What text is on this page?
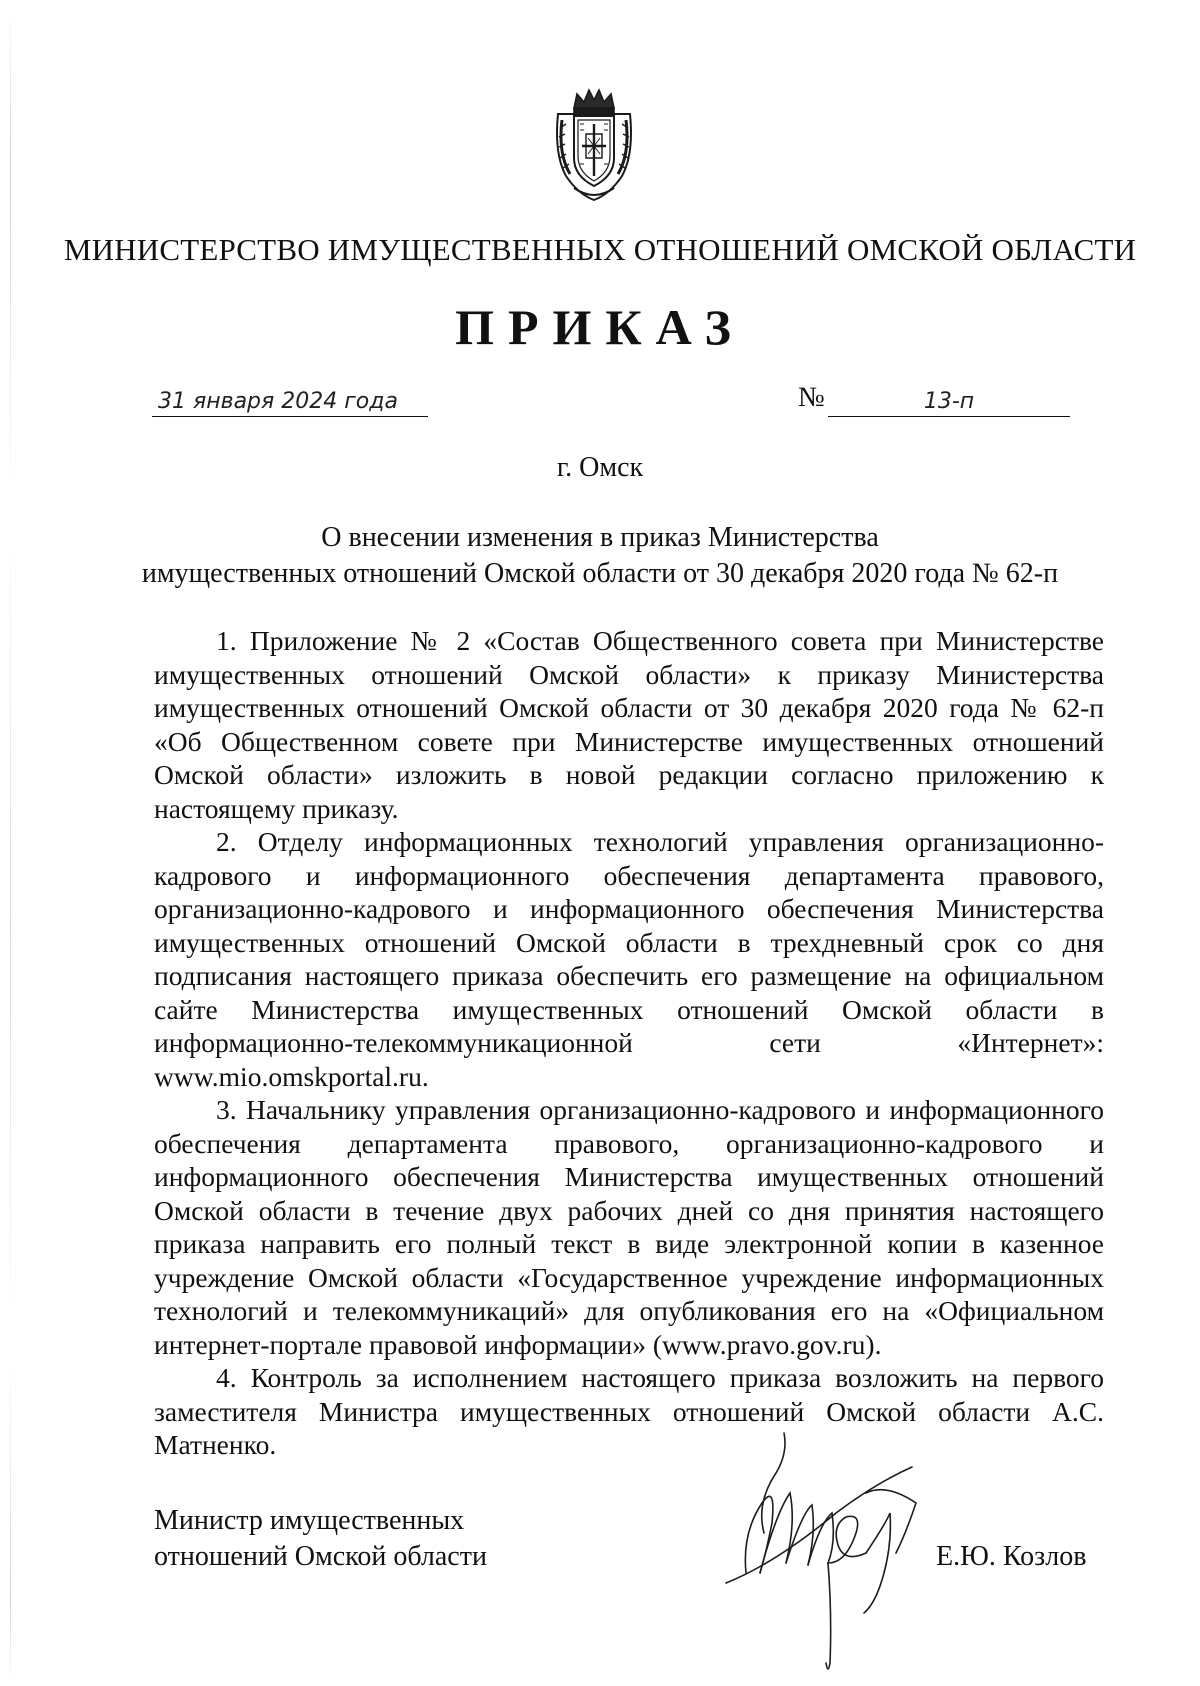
МИНИСТЕРСТВО ИМУЩЕСТВЕННЫХ ОТНОШЕНИЙ ОМСКОЙ ОБЛАСТИ
ПРИКАЗ
31 января 2024 года	№	13-п
г. Омск
О внесении изменения в приказ Министерства
имущественных отношений Омской области от 30 декабря 2020 года № 62-п

1. Приложение № 2 «Состав Общественного совета при Министерстве имущественных отношений Омской области» к приказу Министерства имущественных отношений Омской области от 30 декабря 2020 года № 62-п «Об Общественном совете при Министерстве имущественных отношений Омской области» изложить в новой редакции согласно приложению к настоящему приказу.

2. Отделу информационных технологий управления организационно-кадрового и информационного обеспечения департамента правового, организационно-кадрового и информационного обеспечения Министерства имущественных отношений Омской области в трехдневный срок со дня подписания настоящего приказа обеспечить его размещение на официальном сайте Министерства имущественных отношений Омской области в информационно-телекоммуникационной сети «Интернет»: www.mio.omskportal.ru.

3. Начальнику управления организационно-кадрового и информационного обеспечения департамента правового, организационно-кадрового и информационного обеспечения Министерства имущественных отношений Омской области в течение двух рабочих дней со дня принятия настоящего приказа направить его полный текст в виде электронной копии в казенное учреждение Омской области «Государственное учреждение информационных технологий и телекоммуникаций» для опубликования его на «Официальном интернет-портале правовой информации» (www.pravo.gov.ru).

4. Контроль за исполнением настоящего приказа возложить на первого заместителя Министра имущественных отношений Омской области А.С. Матненко.

Министр имущественных
отношений Омской области	Е.Ю. Козлов
